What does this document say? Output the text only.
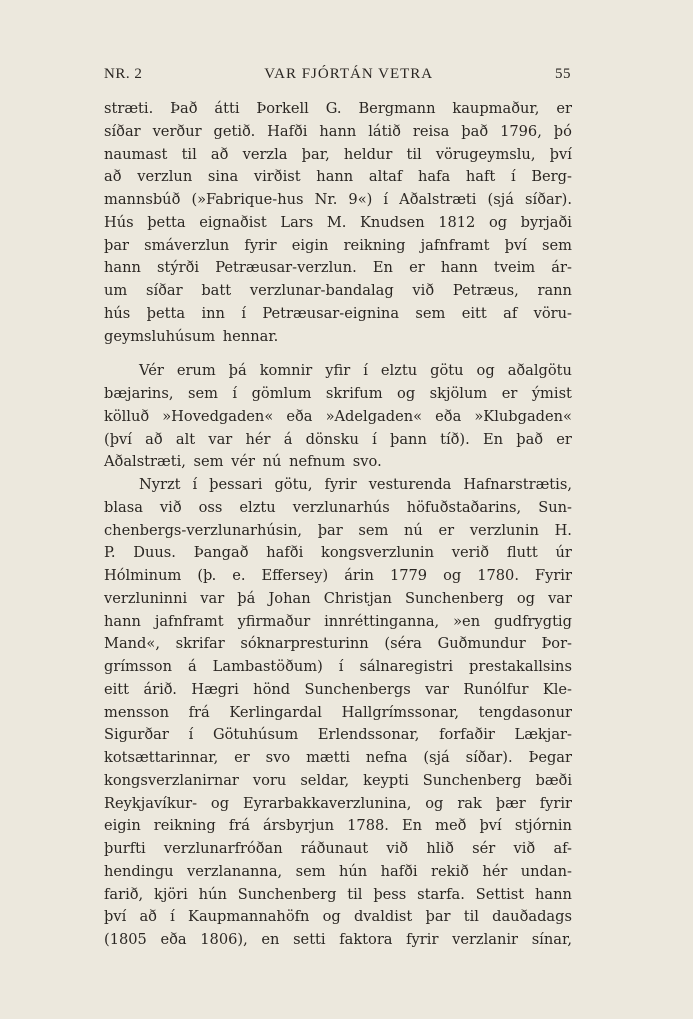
NR. 2	VAR FJÓRTÁN VETRA	55
stræti. Það átti Þorkell G. Bergmann kaupmaður, er
síðar verður getið. Hafði hann látið reisa það 1796, þó
naumast til að verzla þar, heldur til vörugeymslu, því
að verzlun sina virðist hann altaf hafa haft í Berg-
mannsbúð (»Fabrique-hus Nr. 9«) í Aðalstræti (sjá síðar).
Hús þetta eignaðist Lars M. Knudsen 1812 og byrjaði
þar smáverzlun fyrir eigin reikning jafnframt því sem
hann stýrði Petræusar-verzlun. En er hann tveim ár-
um síðar batt verzlunar-bandalag við Petræus, rann
hús þetta inn í Petræusar-eignina sem eitt af vöru-
geymsluhúsum hennar.
Vér erum þá komnir yfir í elztu götu og aðalgötu
bæjarins, sem í gömlum skrifum og skjölum er ýmist
kölluð »Hovedgaden« eða »Adelgaden« eða »Klubgaden«
(því að alt var hér á dönsku í þann tíð). En það er
Aðalstræti, sem vér nú nefnum svo.
Nyrzt í þessari götu, fyrir vesturenda Hafnarstrætis,
blasa við oss elztu verzlunarhús höfuðstaðarins, Sun-
chenbergs-verzlunarhúsin, þar sem nú er verzlunin H.
P. Duus. Þangað hafði kongsverzlunin verið flutt úr
Hólminum (þ. e. Effersey) árin 1779 og 1780. Fyrir
verzluninni var þá Johan Christjan Sunchenberg og var
hann jafnframt yfirmaður innréttinganna, »en gudfrygtig
Mand«, skrifar sóknarpresturinn (séra Guðmundur Þor-
grímsson á Lambastöðum) í sálnaregistri prestakallsins
eitt árið. Hægri hönd Sunchenbergs var Runólfur Kle-
mensson frá Kerlingardal Hallgrímssonar, tengdasonur
Sigurðar í Götuhúsum Erlendssonar, forfaðir Lækjar-
kotsættarinnar, er svo mætti nefna (sjá síðar). Þegar
kongsverzlanirnar voru seldar, keypti Sunchenberg bæði
Reykjavíkur- og Eyrarbakkaverzlunina, og rak þær fyrir
eigin reikning frá ársbyrjun 1788. En með því stjórnin
þurfti verzlunarfróðan ráðunaut við hlið sér við af-
hendingu verzlananna, sem hún hafði rekið hér undan-
farið, kjöri hún Sunchenberg til þess starfa. Settist hann
því að í Kaupmannahöfn og dvaldist þar til dauðadags
(1805 eða 1806), en setti faktora fyrir verzlanir sínar,
